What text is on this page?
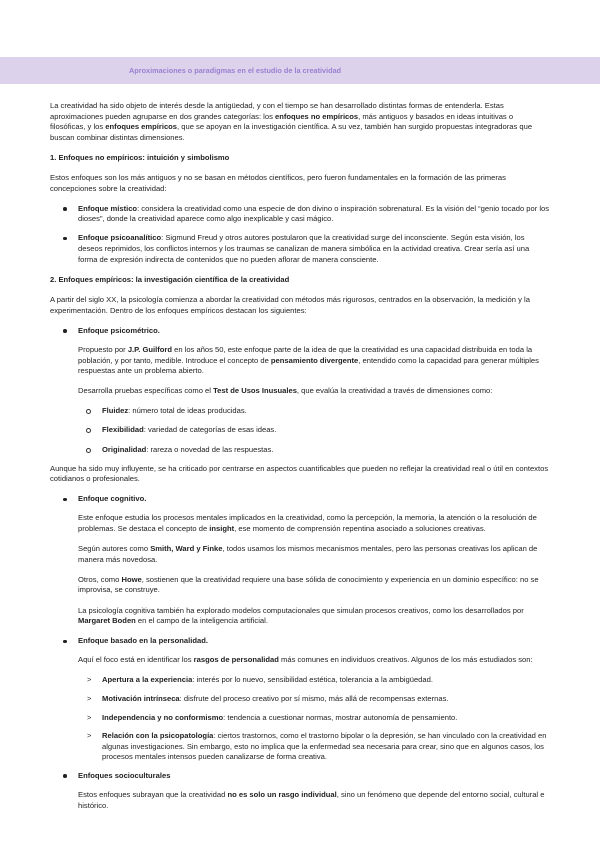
Aproximaciones o paradigmas en el estudio de la creatividad

La creatividad ha sido objeto de interés desde la antigüedad, y con el tiempo se han desarrollado distintas formas de entenderla. Estas aproximaciones pueden agruparse en dos grandes categorías: los enfoques no empíricos, más antiguos y basados en ideas intuitivas o filosóficas, y los enfoques empíricos, que se apoyan en la investigación científica. A su vez, también han surgido propuestas integradoras que buscan combinar distintas dimensiones.

1. Enfoques no empíricos: intuición y simbolismo

Estos enfoques son los más antiguos y no se basan en métodos científicos, pero fueron fundamentales en la formación de las primeras concepciones sobre la creatividad:

Enfoque místico: considera la creatividad como una especie de don divino o inspiración sobrenatural. Es la visión del “genio tocado por los dioses”, donde la creatividad aparece como algo inexplicable y casi mágico.
Enfoque psicoanalítico: Sigmund Freud y otros autores postularon que la creatividad surge del inconsciente. Según esta visión, los deseos reprimidos, los conflictos internos y los traumas se canalizan de manera simbólica en la actividad creativa. Crear sería así una forma de expresión indirecta de contenidos que no pueden aflorar de manera consciente.
2. Enfoques empíricos: la investigación científica de la creatividad

A partir del siglo XX, la psicología comienza a abordar la creatividad con métodos más rigurosos, centrados en la observación, la medición y la experimentación. Dentro de los enfoques empíricos destacan los siguientes:

Enfoque psicométrico.

Propuesto por J.P. Guilford en los años 50, este enfoque parte de la idea de que la creatividad es una capacidad distribuida en toda la población, y por tanto, medible. Introduce el concepto de pensamiento divergente, entendido como la capacidad para generar múltiples respuestas ante un problema abierto.

Desarrolla pruebas específicas como el Test de Usos Inusuales, que evalúa la creatividad a través de dimensiones como:

Fluidez: número total de ideas producidas.
Flexibilidad: variedad de categorías de esas ideas.
Originalidad: rareza o novedad de las respuestas.

Aunque ha sido muy influyente, se ha criticado por centrarse en aspectos cuantificables que pueden no reflejar la creatividad real o útil en contextos cotidianos o profesionales.

Enfoque cognitivo.

Este enfoque estudia los procesos mentales implicados en la creatividad, como la percepción, la memoria, la atención o la resolución de problemas. Se destaca el concepto de insight, ese momento de comprensión repentina asociado a soluciones creativas.

Según autores como Smith, Ward y Finke, todos usamos los mismos mecanismos mentales, pero las personas creativas los aplican de manera más novedosa.

Otros, como Howe, sostienen que la creatividad requiere una base sólida de conocimiento y experiencia en un dominio específico: no se improvisa, se construye.

La psicología cognitiva también ha explorado modelos computacionales que simulan procesos creativos, como los desarrollados por Margaret Boden en el campo de la inteligencia artificial.

Enfoque basado en la personalidad.

Aquí el foco está en identificar los rasgos de personalidad más comunes en individuos creativos. Algunos de los más estudiados son:

Apertura a la experiencia: interés por lo nuevo, sensibilidad estética, tolerancia a la ambigüedad. >
Motivación intrínseca: disfrute del proceso creativo por sí mismo, más allá de recompensas externas. >
Independencia y no conformismo: tendencia a cuestionar normas, mostrar autonomía de pensamiento. >
Relación con la psicopatología: ciertos trastornos, como el trastorno bipolar o la depresión, se han vinculado con la creatividad en algunas investigaciones. Sin embargo, esto no implica que la enfermedad sea necesaria para crear, sino que en algunos casos, los procesos mentales intensos pueden canalizarse de forma creativa. >
Enfoques socioculturales

Estos enfoques subrayan que la creatividad no es solo un rasgo individual, sino un fenómeno que depende del entorno social, cultural e histórico.
